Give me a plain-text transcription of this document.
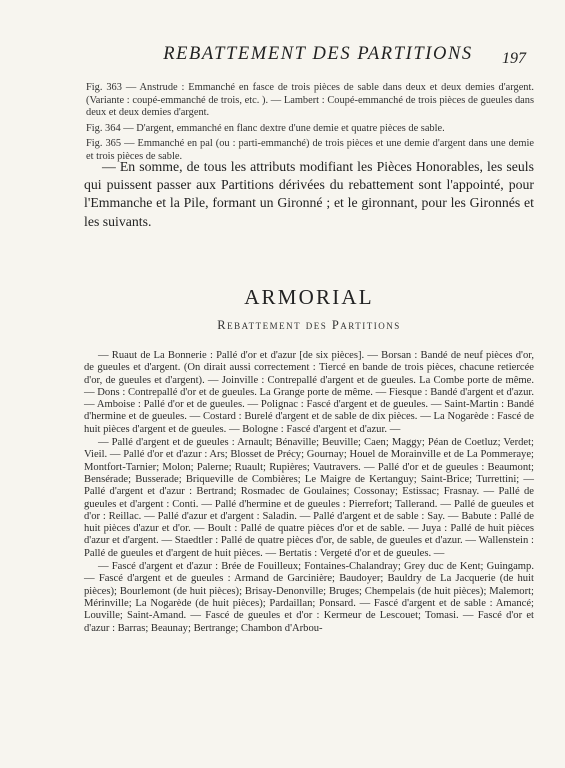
REBATTEMENT DES PARTITIONS	197

Fig. 363 — Anstrude : Emmanché en fasce de trois pièces de sable dans deux et deux demies d'argent. (Variante : coupé-emmanché de trois, etc. ). — Lambert : Coupé-emmanché de trois pièces de gueules dans deux et deux demies d'argent.

Fig. 364 — D'argent, emmanché en flanc dextre d'une demie et quatre pièces de sable.

Fig. 365 — Emmanché en pal (ou : parti-emmanché) de trois pièces et une demie d'argent dans une demie et trois pièces de sable.

— En somme, de tous les attributs modifiant les Pièces Honorables, les seuls qui puissent passer aux Partitions dérivées du rebattement sont l'appointé, pour l'Emmanche et la Pile, formant un Gironné ; et le gironnant, pour les Gironnés et les suivants.

ARMORIAL
Rebattement des Partitions

— Ruaut de La Bonnerie : Pallé d'or et d'azur [de six pièces]. — Borsan : Bandé de neuf pièces d'or, de gueules et d'argent. (On dirait aussi correctement : Tiercé en bande de trois pièces, chacune retiercée d'or, de gueules et d'argent). — Joinville : Contrepallé d'argent et de gueules. La Combe porte de même. — Dons : Contrepallé d'or et de gueules. La Grange porte de même. — Fiesque : Bandé d'argent et d'azur. — Amboise : Pallé d'or et de gueules. — Polignac : Fascé d'argent et de gueules. — Saint-Martin : Bandé d'hermine et de gueules. — Costard : Burelé d'argent et de sable de dix pièces. — La Nogarède : Fascé de huit pièces d'argent et de gueules. — Bologne : Fascé d'argent et d'azur. —

— Pallé d'argent et de gueules : Arnault; Bénaville; Beuville; Caen; Maggy; Péan de Coetluz; Verdet; Vieil. — Pallé d'or et d'azur : Ars; Blosset de Précy; Gournay; Houel de Morainville et de La Pommeraye; Montfort-Tarnier; Molon; Palerne; Ruault; Rupières; Vautravers. — Pallé d'or et de gueules : Beaumont; Bensérade; Busserade; Briqueville de Combières; Le Maigre de Kertanguy; Saint-Brice; Turrettini; — Pallé d'argent et d'azur : Bertrand; Rosmadec de Goulaines; Cossonay; Estissac; Frasnay. — Pallé de gueules et d'argent : Conti. — Pallé d'hermine et de gueules : Pierrefort; Tallerand. — Pallé de gueules et d'or : Reillac. — Pallé d'azur et d'argent : Saladin. — Pallé d'argent et de sable : Say. — Babute : Pallé de huit pièces d'azur et d'or. — Boult : Pallé de quatre pièces d'or et de sable. — Juya : Pallé de huit pièces d'azur et d'argent. — Staedtler : Pallé de quatre pièces d'or, de sable, de gueules et d'azur. — Wallenstein : Pallé de gueules et d'argent de huit pièces. — Bertatis : Vergeté d'or et de gueules. —

— Fascé d'argent et d'azur : Brée de Fouilleux; Fontaines-Chalandray; Grey duc de Kent; Guingamp. — Fascé d'argent et de gueules : Armand de Garcinière; Baudoyer; Bauldry de La Jacquerie (de huit pièces); Bourlemont (de huit pièces); Brisay-Denonville; Bruges; Chempelais (de huit pièces); Malemort; Mérinville; La Nogarède (de huit pièces); Pardaillan; Ponsard. — Fascé d'argent et de sable : Amancé; Louville; Saint-Amand. — Fascé de gueules et d'or : Kermeur de Lescouet; Tomasi. — Fascé d'or et d'azur : Barras; Beaunay; Bertrange; Chambon d'Arbou-
